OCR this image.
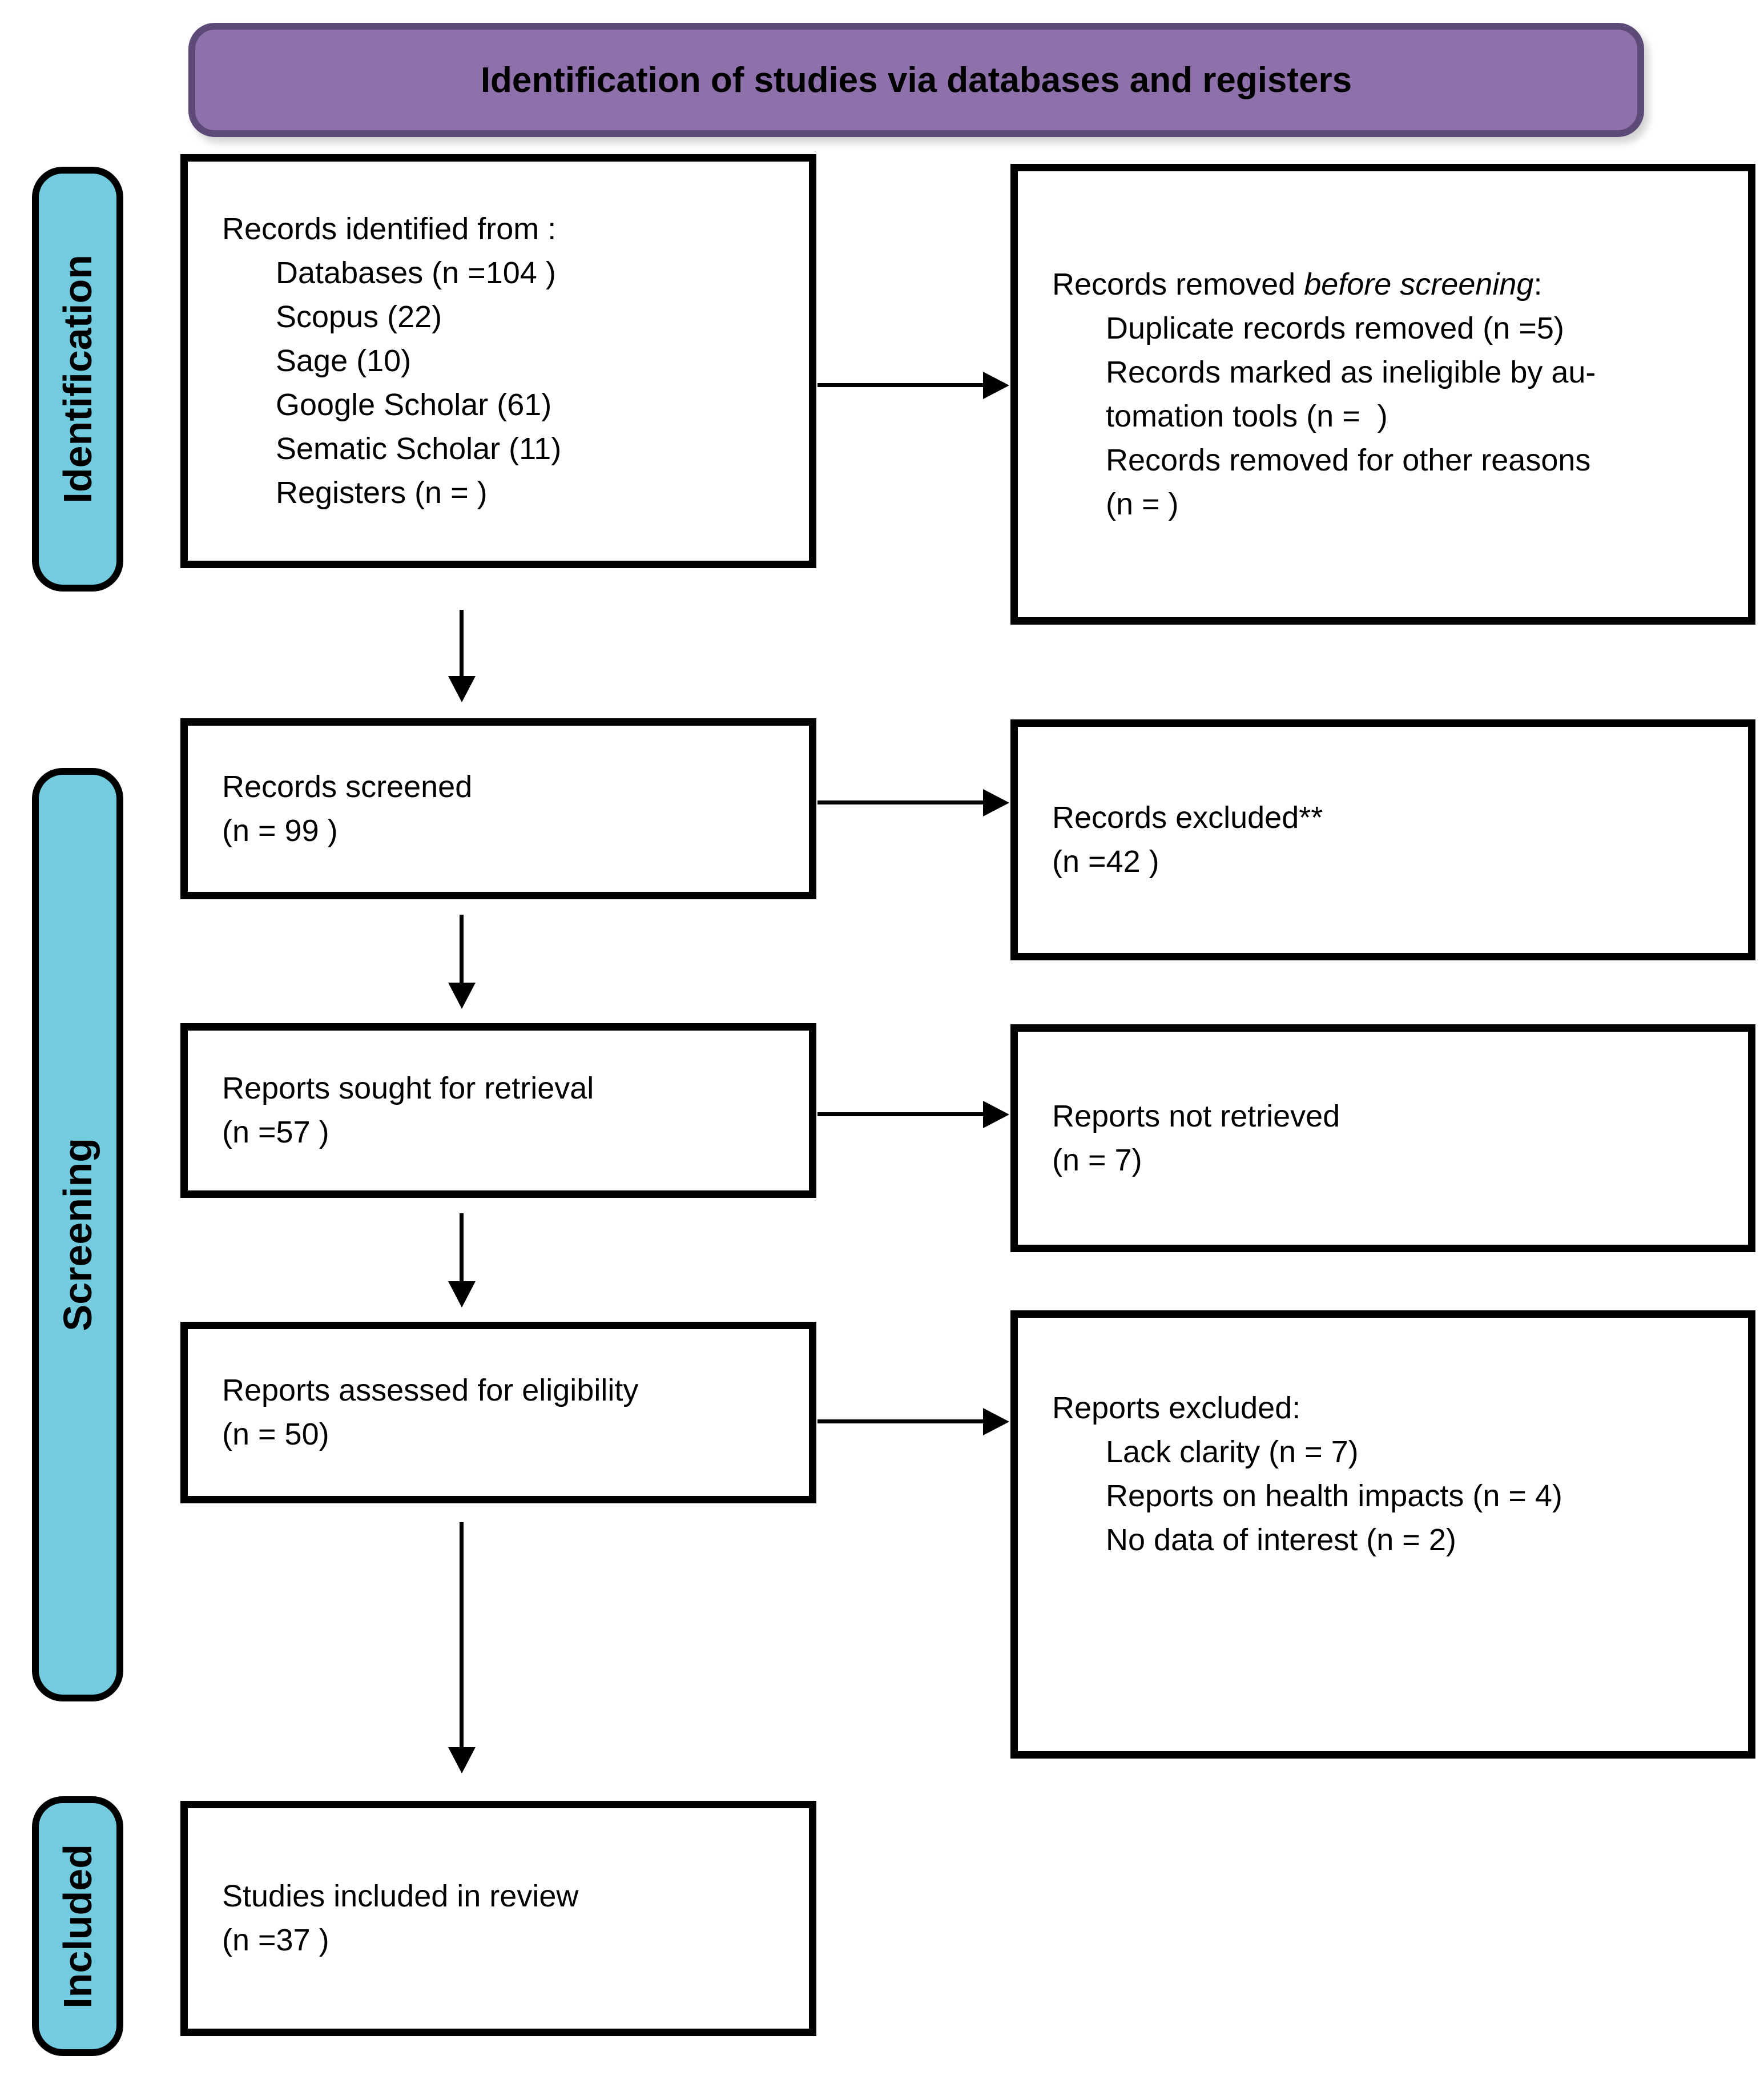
Identification of studies via databases and registers
Identification
Screening
Included
Records identified from :
Databases (n =104 )
Scopus (22)
Sage (10)
Google Scholar (61)
Sematic Scholar (11)
Registers (n = )
Records screened
(n = 99 )
Reports sought for retrieval
(n =57 )
Reports assessed for eligibility
(n = 50)
Studies included in review
(n =37 )
Records removed before screening:
Duplicate records removed (n =5)
Records marked as ineligible by au-
tomation tools (n =  )
Records removed for other reasons
(n = )
Records excluded**
(n =42 )
Reports not retrieved
(n = 7)
Reports excluded:
Lack clarity (n = 7)
Reports on health impacts (n = 4)
No data of interest (n = 2)
